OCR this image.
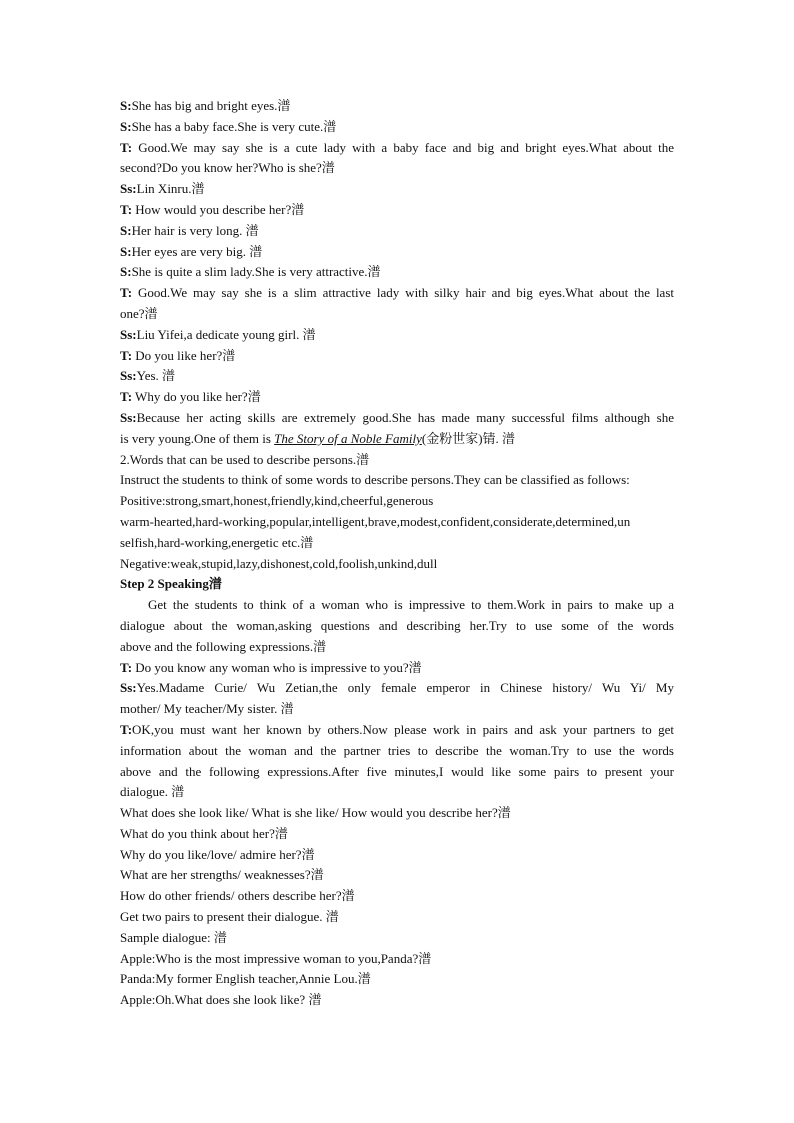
S:She has big and bright eyes.潽
S:She has a baby face.She is very cute.潽
T: Good.We may say she is a cute lady with a baby face and big and bright eyes.What about the
second?Do you know her?Who is she?潽
Ss:Lin Xinru.潽
T: How would you describe her?潽
S:Her hair is very long. 潽
S:Her eyes are very big. 潽
S:She is quite a slim lady.She is very attractive.潽
T: Good.We may say she is a slim attractive lady with silky hair and big eyes.What about the last
one?潽
Ss:Liu Yifei,a dedicate young girl. 潽
T: Do you like her?潽
Ss:Yes. 潽
T: Why do you like her?潽
Ss:Because her acting skills are extremely good.She has made many successful films although she
is very young.One of them is The Story of a Noble Family(金粉世家)锖. 潽
2.Words that can be used to describe persons.潽
Instruct the students to think of some words to describe persons.They can be classified as follows:
Positive:strong,smart,honest,friendly,kind,cheerful,generous
warm-hearted,hard-working,popular,intelligent,brave,modest,confident,considerate,determined,un
selfish,hard-working,energetic etc.潽
Negative:weak,stupid,lazy,dishonest,cold,foolish,unkind,dull
Step 2 Speaking潽
Get the students to think of a woman who is impressive to them.Work in pairs to make up a
dialogue about the woman,asking questions and describing her.Try to use some of the words
above and the following expressions.潽
T: Do you know any woman who is impressive to you?潽
Ss:Yes.Madame Curie/ Wu Zetian,the only female emperor in Chinese history/ Wu Yi/ My
mother/ My teacher/My sister. 潽
T:OK,you must want her known by others.Now please work in pairs and ask your partners to get
information about the woman and the partner tries to describe the woman.Try to use the words
above and the following expressions.After five minutes,I would like some pairs to present your
dialogue. 潽
What does she look like/ What is she like/ How would you describe her?潽
What do you think about her?潽
Why do you like/love/ admire her?潽
What are her strengths/ weaknesses?潽
How do other friends/ others describe her?潽
Get two pairs to present their dialogue. 潽
Sample dialogue: 潽
Apple:Who is the most impressive woman to you,Panda?潽
Panda:My former English teacher,Annie Lou.潽
Apple:Oh.What does she look like? 潽
